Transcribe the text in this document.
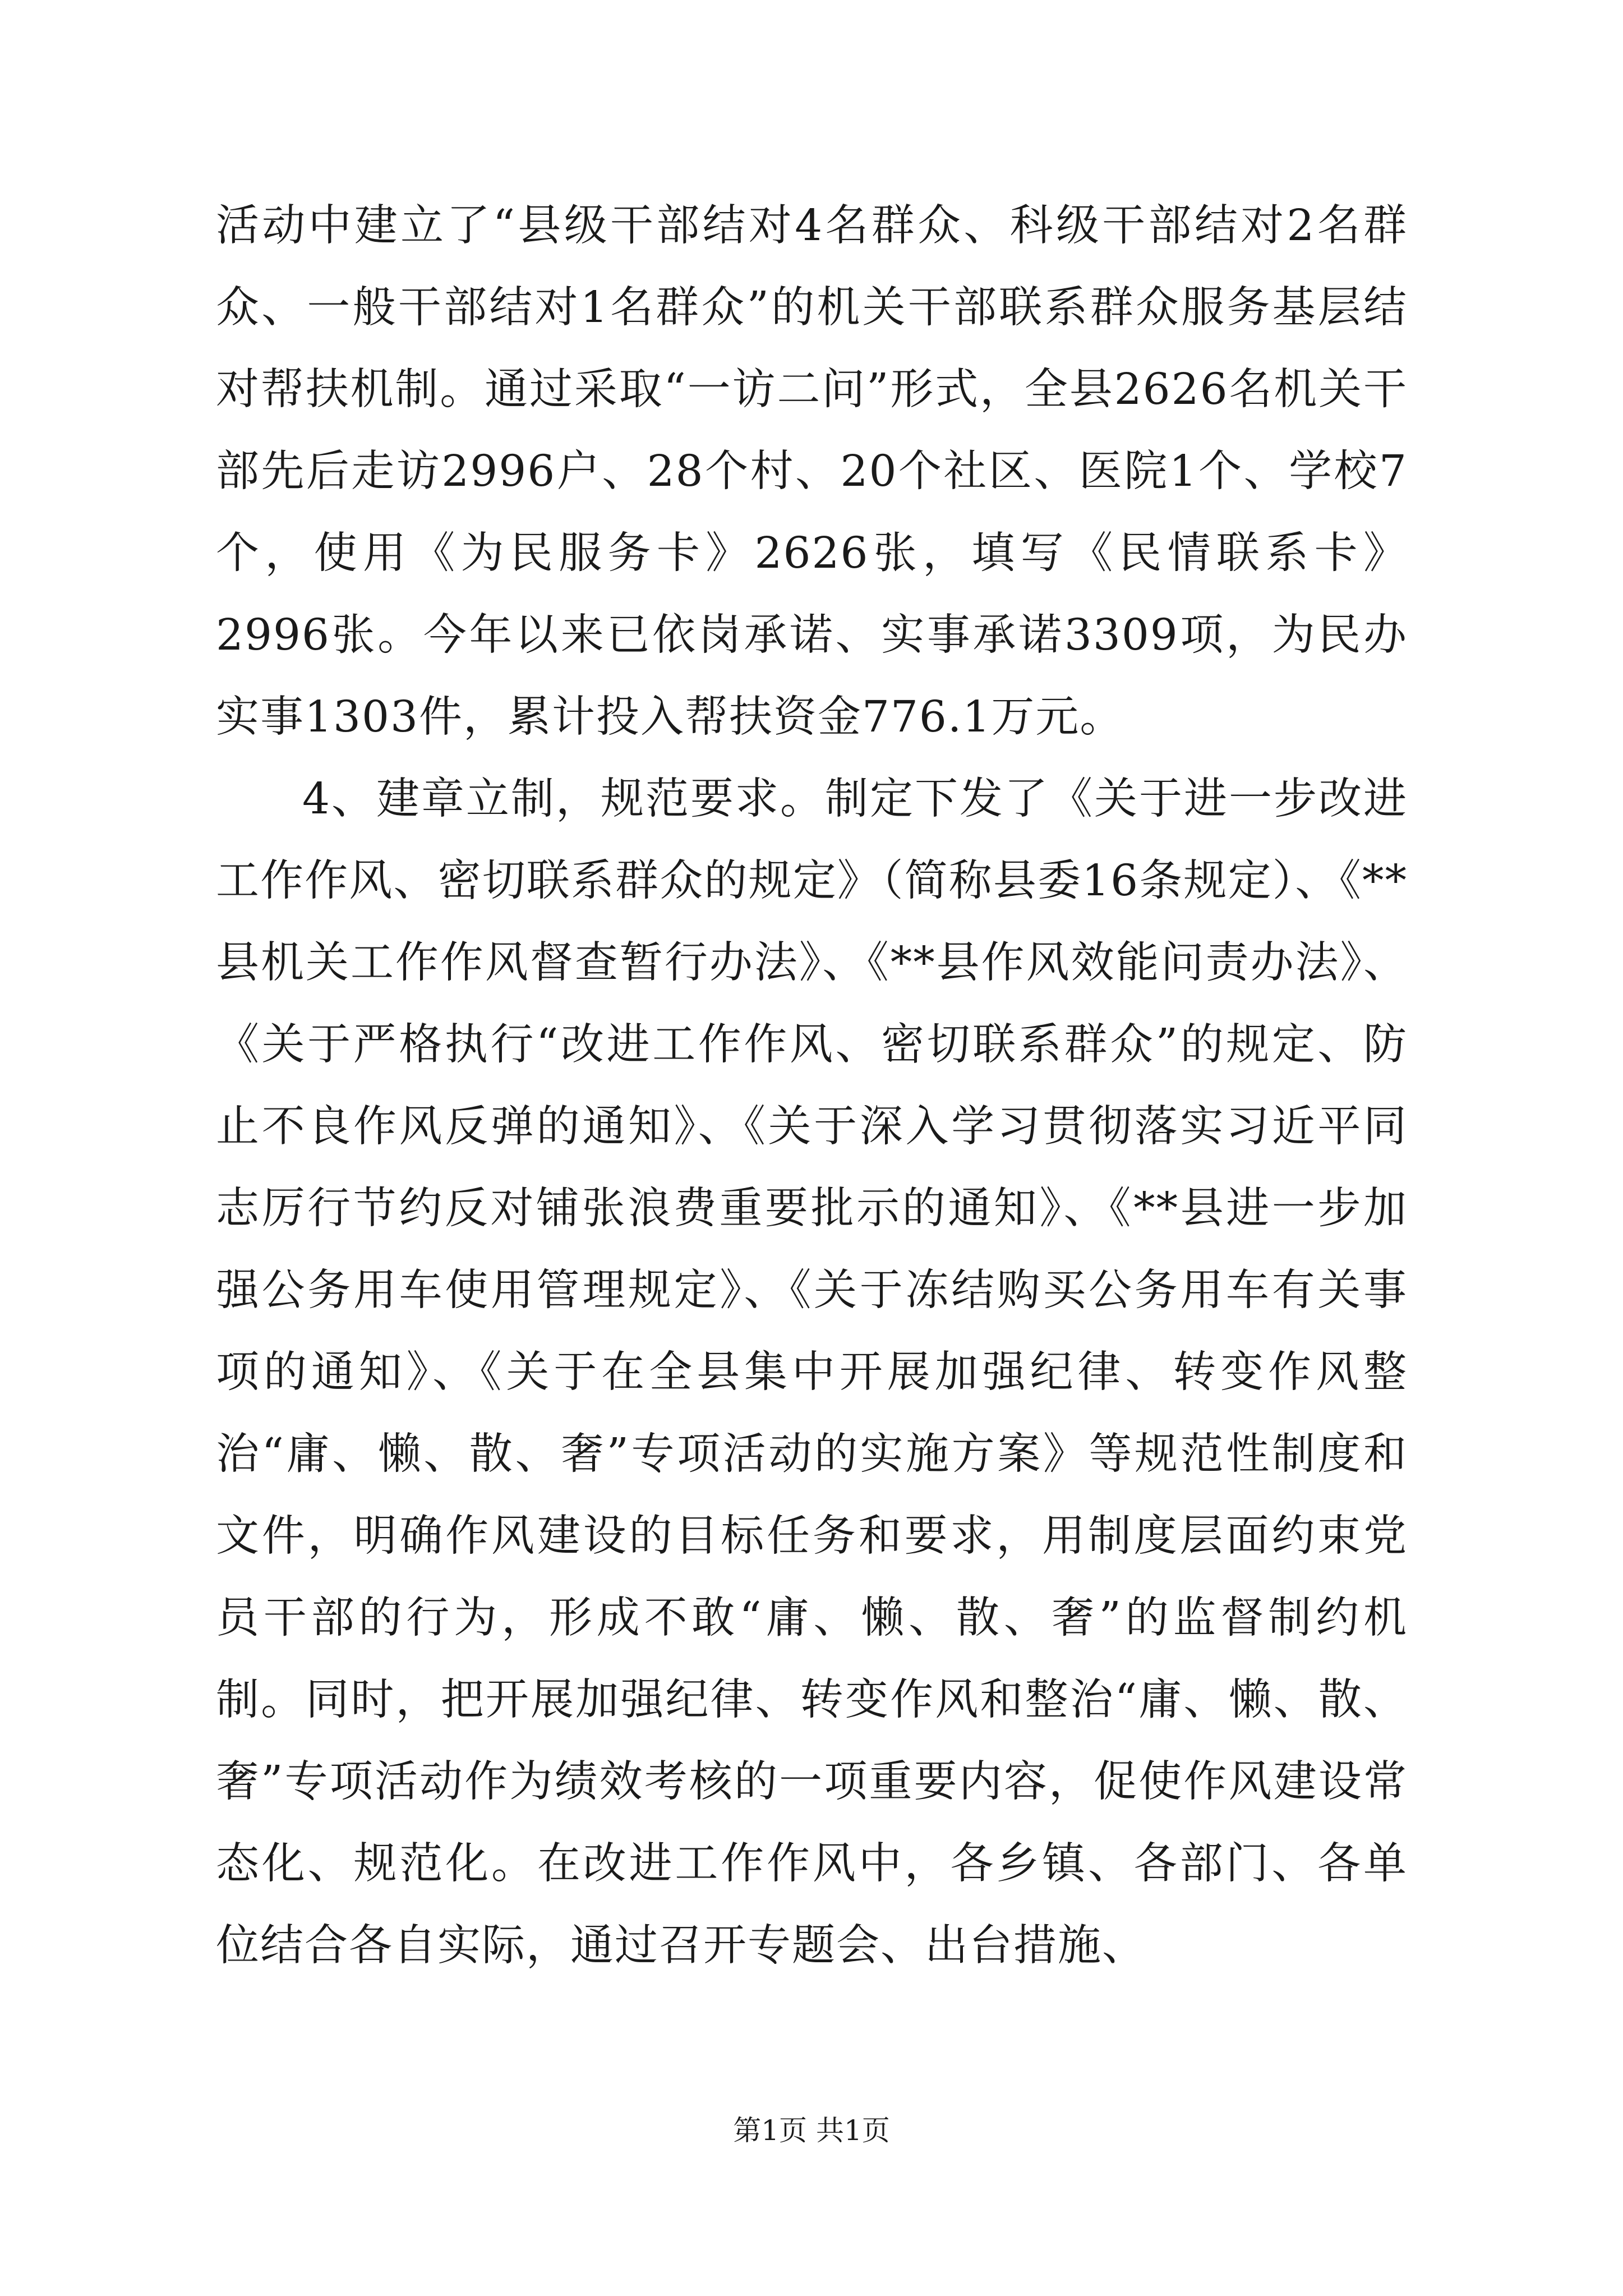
活动中建立了“县级干部结对4名群众、科级干部结对2名群众、一般干部结对1名群众”的机关干部联系群众服务基层结对帮扶机制。通过采取“一访二问”形式，全县2626名机关干部先后走访2996户、28个村、20个社区、医院1个、学校7个，使用《为民服务卡》2626张，填写《民情联系卡》2996张。今年以来已依岗承诺、实事承诺3309项，为民办实事1303件，累计投入帮扶资金776.1万元。

4、建章立制，规范要求。制定下发了《关于进一步改进工作作风、密切联系群众的规定》（简称县委16条规定）、《**县机关工作作风督查暂行办法》、《**县作风效能问责办法》、《关于严格执行“改进工作作风、密切联系群众”的规定、防止不良作风反弹的通知》、《关于深入学习贯彻落实习近平同志厉行节约反对铺张浪费重要批示的通知》、《**县进一步加强公务用车使用管理规定》、《关于冻结购买公务用车有关事项的通知》、《关于在全县集中开展加强纪律、转变作风整治“庸、懒、散、奢”专项活动的实施方案》等规范性制度和文件，明确作风建设的目标任务和要求，用制度层面约束党员干部的行为，形成不敢“庸、懒、散、奢”的监督制约机制。同时，把开展加强纪律、转变作风和整治“庸、懒、散、奢”专项活动作为绩效考核的一项重要内容，促使作风建设常态化、规范化。在改进工作作风中，各乡镇、各部门、各单位结合各自实际，通过召开专题会、出台措施、

第1页 共1页
